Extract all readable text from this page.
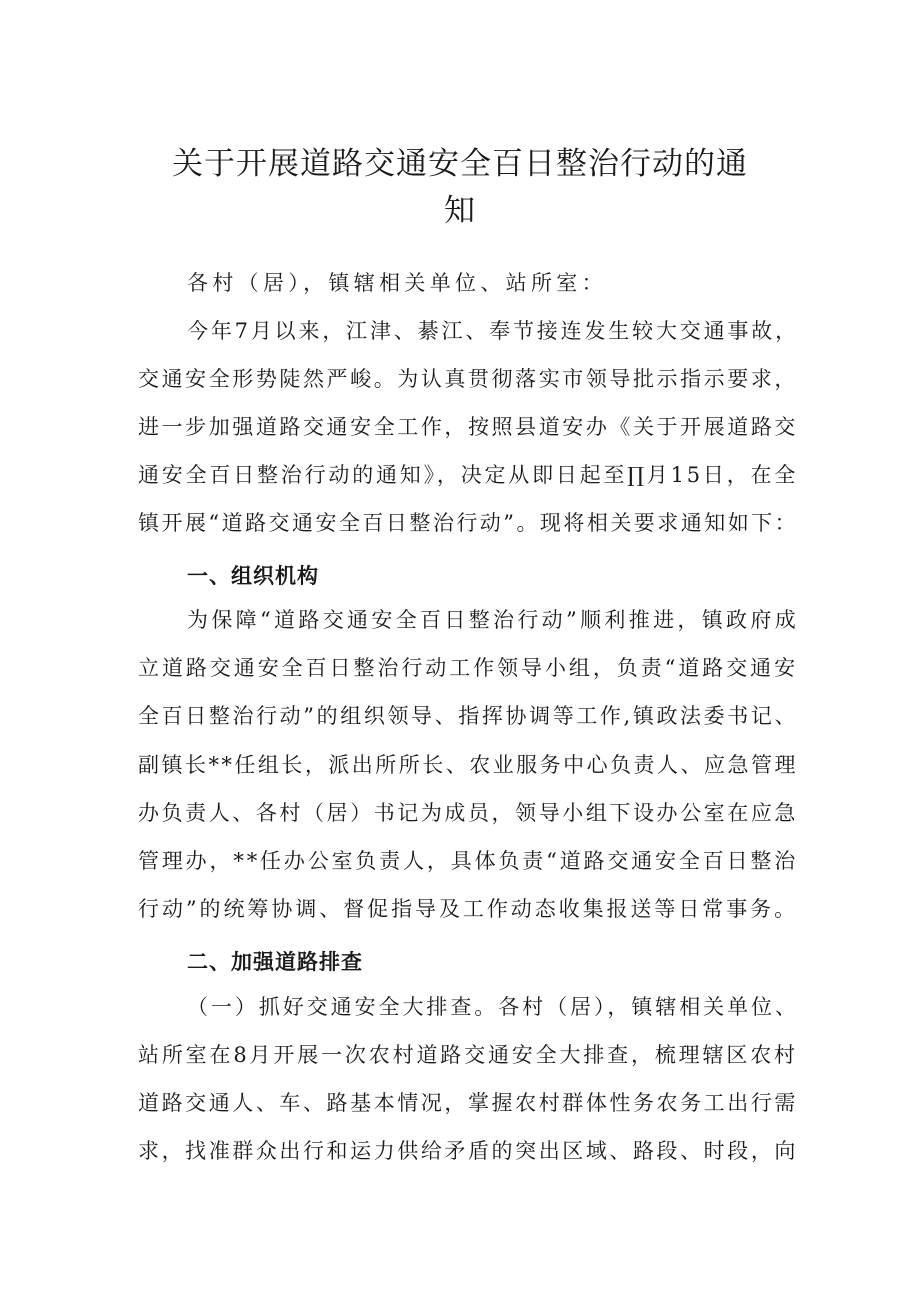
关于开展道路交通安全百日整治行动的通
知
各村（居），镇辖相关单位、站所室：
今年7月以来，江津、綦江、奉节接连发生较大交通事故，
交通安全形势陡然严峻。为认真贯彻落实市领导批示指示要求，
进一步加强道路交通安全工作，按照县道安办《关于开展道路交
通安全百日整治行动的通知》，决定从即日起至∏月15日，在全
镇开展“道路交通安全百日整治行动”。现将相关要求通知如下：
一、组织机构
为保障“道路交通安全百日整治行动”顺利推进，镇政府成
立道路交通安全百日整治行动工作领导小组，负责“道路交通安
全百日整治行动”的组织领导、指挥协调等工作,镇政法委书记、
副镇长**任组长，派出所所长、农业服务中心负责人、应急管理
办负责人、各村（居）书记为成员，领导小组下设办公室在应急
管理办，**任办公室负责人，具体负责“道路交通安全百日整治
行动”的统筹协调、督促指导及工作动态收集报送等日常事务。
二、加强道路排查
（一）抓好交通安全大排查。各村（居），镇辖相关单位、
站所室在8月开展一次农村道路交通安全大排查，梳理辖区农村
道路交通人、车、路基本情况，掌握农村群体性务农务工出行需
求，找准群众出行和运力供给矛盾的突出区域、路段、时段，向
